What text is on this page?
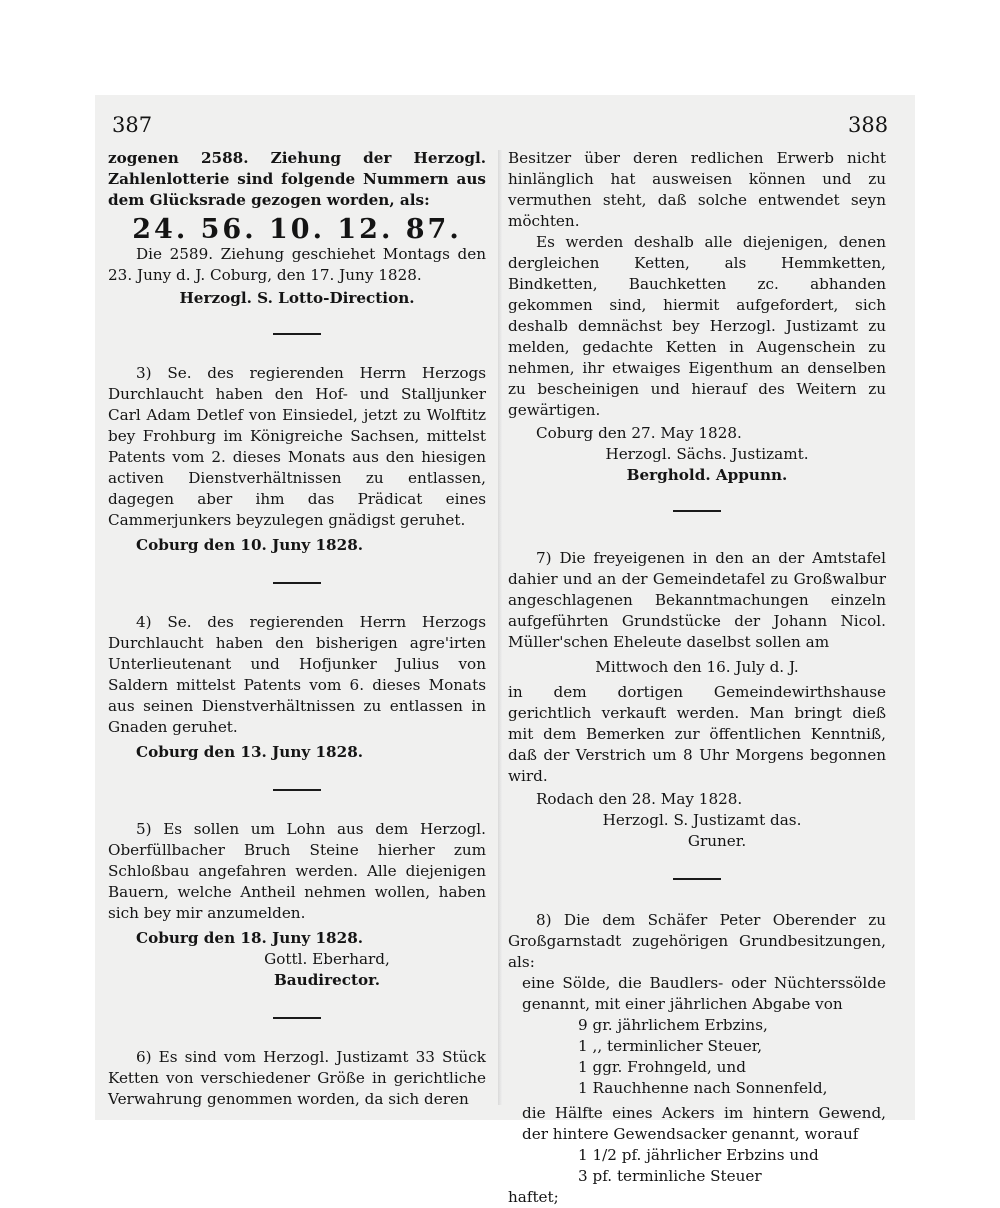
387	388

zogenen 2588. Ziehung der Herzogl. Zahlenlotterie sind folgende Nummern aus dem Glücksrade gezogen worden, als:

24. 56. 10. 12. 87.

Die 2589. Ziehung geschiehet Montags den 23. Juny d. J. Coburg, den 17. Juny 1828.

Herzogl. S. Lotto-Direction.

3) Se. des regierenden Herrn Herzogs Durchlaucht haben den Hof- und Stalljunker Carl Adam Detlef von Einsiedel, jetzt zu Wolftitz bey Frohburg im Königreiche Sachsen, mittelst Patents vom 2. dieses Monats aus den hiesigen activen Dienstverhältnissen zu entlassen, dagegen aber ihm das Prädicat eines Cammerjunkers beyzulegen gnädigst geruhet.

Coburg den 10. Juny 1828.

4) Se. des regierenden Herrn Herzogs Durchlaucht haben den bisherigen agre'irten Unterlieutenant und Hofjunker Julius von Saldern mittelst Patents vom 6. dieses Monats aus seinen Dienstverhältnissen zu entlassen in Gnaden geruhet.

Coburg den 13. Juny 1828.

5) Es sollen um Lohn aus dem Herzogl. Oberfüllbacher Bruch Steine hierher zum Schloßbau angefahren werden. Alle diejenigen Bauern, welche Antheil nehmen wollen, haben sich bey mir anzumelden.

Coburg den 18. Juny 1828.

Gottl. Eberhard,

Baudirector.

6) Es sind vom Herzogl. Justizamt 33 Stück Ketten von verschiedener Größe in gerichtliche Verwahrung genommen worden, da sich deren

Besitzer über deren redlichen Erwerb nicht hinlänglich hat ausweisen können und zu vermuthen steht, daß solche entwendet seyn möchten.

Es werden deshalb alle diejenigen, denen dergleichen Ketten, als Hemmketten, Bindketten, Bauchketten zc. abhanden gekommen sind, hiermit aufgefordert, sich deshalb demnächst bey Herzogl. Justizamt zu melden, gedachte Ketten in Augenschein zu nehmen, ihr etwaiges Eigenthum an denselben zu bescheinigen und hierauf des Weitern zu gewärtigen.

Coburg den 27. May 1828.

Herzogl. Sächs. Justizamt.

Berghold. Appunn.

7) Die freyeigenen in den an der Amtstafel dahier und an der Gemeindetafel zu Großwalbur angeschlagenen Bekanntmachungen einzeln aufgeführten Grundstücke der Johann Nicol. Müller'schen Eheleute daselbst sollen am

Mittwoch den 16. July d. J.

in dem dortigen Gemeindewirthshause gerichtlich verkauft werden. Man bringt dieß mit dem Bemerken zur öffentlichen Kenntniß, daß der Verstrich um 8 Uhr Morgens begonnen wird.

Rodach den 28. May 1828.

Herzogl. S. Justizamt das.

Gruner.

8) Die dem Schäfer Peter Oberender zu Großgarnstadt zugehörigen Grundbesitzungen, als:

eine Sölde, die Baudlers- oder Nüchterssölde genannt, mit einer jährlichen Abgabe von

9 gr. jährlichem Erbzins,
1 ,, terminlicher Steuer,
1 ggr. Frohngeld, und
1 Rauchhenne nach Sonnenfeld,

die Hälfte eines Ackers im hintern Gewend, der hintere Gewendsacker genannt, worauf

1 1/2 pf. jährlicher Erbzins und
3 pf. terminliche Steuer

haftet;
